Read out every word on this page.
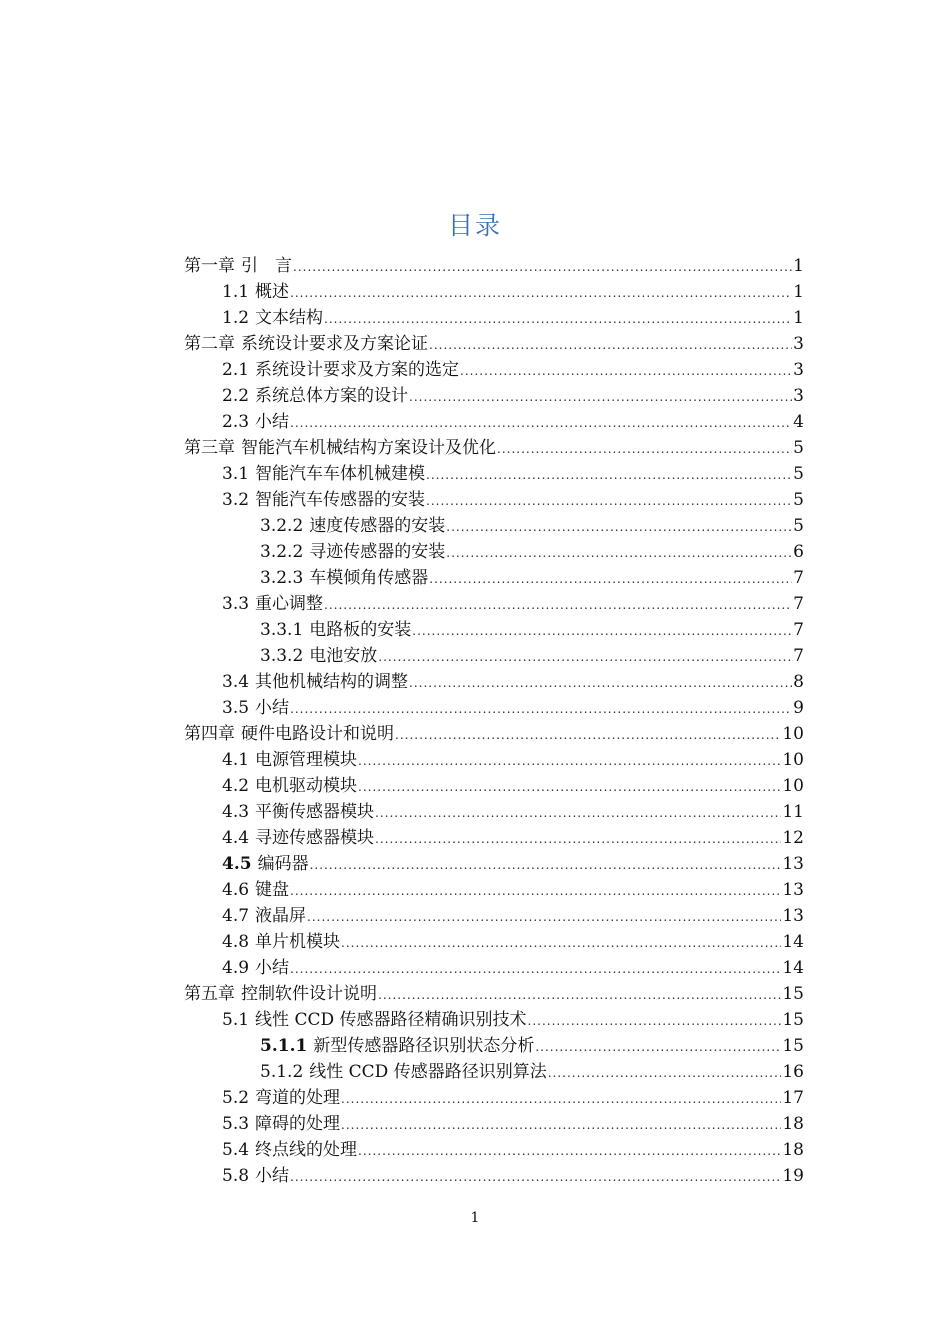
目录
第一章 引　言 .....	1
1.1 概述 .....	1
1.2 文本结构 .....	1
第二章 系统设计要求及方案论证 .....	3
2.1 系统设计要求及方案的选定 .....	3
2.2 系统总体方案的设计 .....	3
2.3 小结 .....	4
第三章 智能汽车机械结构方案设计及优化 .....	5
3.1 智能汽车车体机械建模 .....	5
3.2 智能汽车传感器的安装 .....	5
3.2.2 速度传感器的安装 .....	5
3.2.2 寻迹传感器的安装 .....	6
3.2.3 车模倾角传感器 .....	7
3.3 重心调整 .....	7
3.3.1 电路板的安装 .....	7
3.3.2 电池安放 .....	7
3.4 其他机械结构的调整 .....	8
3.5 小结 .....	9
第四章 硬件电路设计和说明 .....	10
4.1 电源管理模块 .....	10
4.2 电机驱动模块 .....	10
4.3 平衡传感器模块 .....	11
4.4 寻迹传感器模块 .....	12
4.5 编码器 .....	13
4.6 键盘 .....	13
4.7 液晶屏 .....	13
4.8 单片机模块 .....	14
4.9 小结 .....	14
第五章 控制软件设计说明 .....	15
5.1 线性 CCD 传感器路径精确识别技术 .....	15
5.1.1 新型传感器路径识别状态分析 .....	15
5.1.2 线性 CCD 传感器路径识别算法 .....	16
5.2 弯道的处理 .....	17
5.3 障碍的处理 .....	18
5.4 终点线的处理 .....	18
5.8 小结 .....	19
1
